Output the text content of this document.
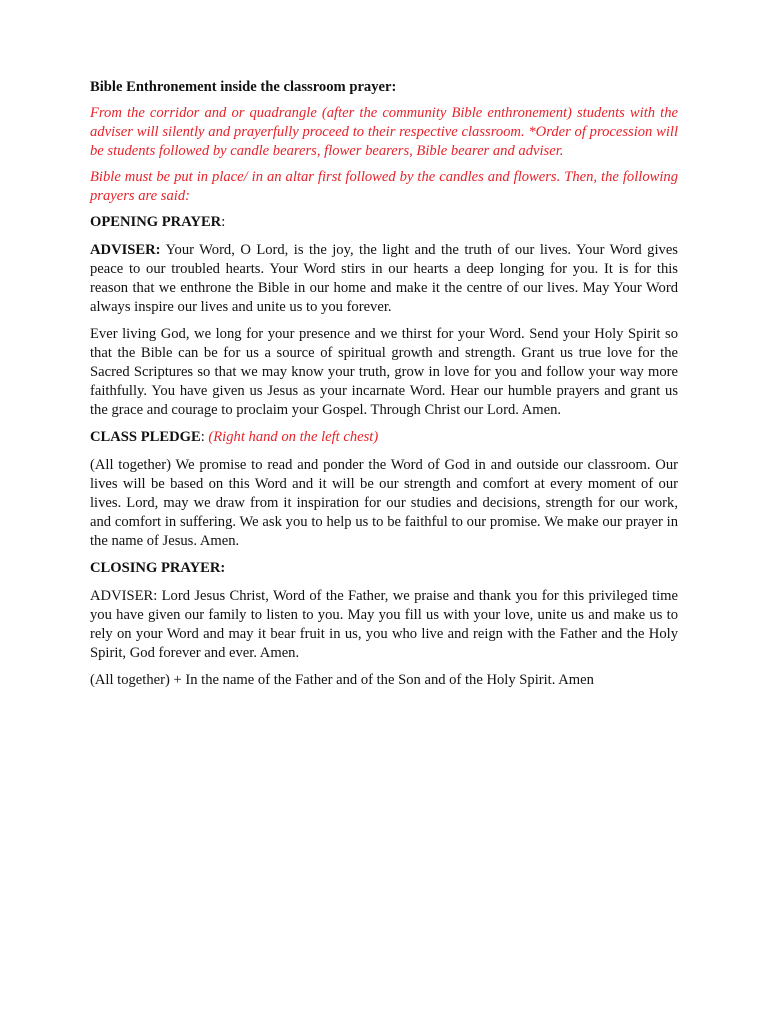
Bible Enthronement inside the classroom prayer:

From the corridor and or quadrangle (after the community Bible enthronement) students with the adviser will silently and prayerfully proceed to their respective classroom. *Order of procession will be students followed by candle bearers, flower bearers, Bible bearer and adviser.

Bible must be put in place/ in an altar first followed by the candles and flowers. Then, the following prayers are said:

OPENING PRAYER:

ADVISER: Your Word, O Lord, is the joy, the light and the truth of our lives. Your Word gives peace to our troubled hearts. Your Word stirs in our hearts a deep longing for you. It is for this reason that we enthrone the Bible in our home and make it the centre of our lives. May Your Word always inspire our lives and unite us to you forever.

Ever living God, we long for your presence and we thirst for your Word. Send your Holy Spirit so that the Bible can be for us a source of spiritual growth and strength. Grant us true love for the Sacred Scriptures so that we may know your truth, grow in love for you and follow your way more faithfully. You have given us Jesus as your incarnate Word. Hear our humble prayers and grant us the grace and courage to proclaim your Gospel. Through Christ our Lord. Amen.

CLASS PLEDGE: (Right hand on the left chest)

(All together) We promise to read and ponder the Word of God in and outside our classroom. Our lives will be based on this Word and it will be our strength and comfort at every moment of our lives. Lord, may we draw from it inspiration for our studies and decisions, strength for our work, and comfort in suffering. We ask you to help us to be faithful to our promise. We make our prayer in the name of Jesus. Amen.

CLOSING PRAYER:

ADVISER: Lord Jesus Christ, Word of the Father, we praise and thank you for this privileged time you have given our family to listen to you. May you fill us with your love, unite us and make us to rely on your Word and may it bear fruit in us, you who live and reign with the Father and the Holy Spirit, God forever and ever. Amen.

(All together) + In the name of the Father and of the Son and of the Holy Spirit. Amen
